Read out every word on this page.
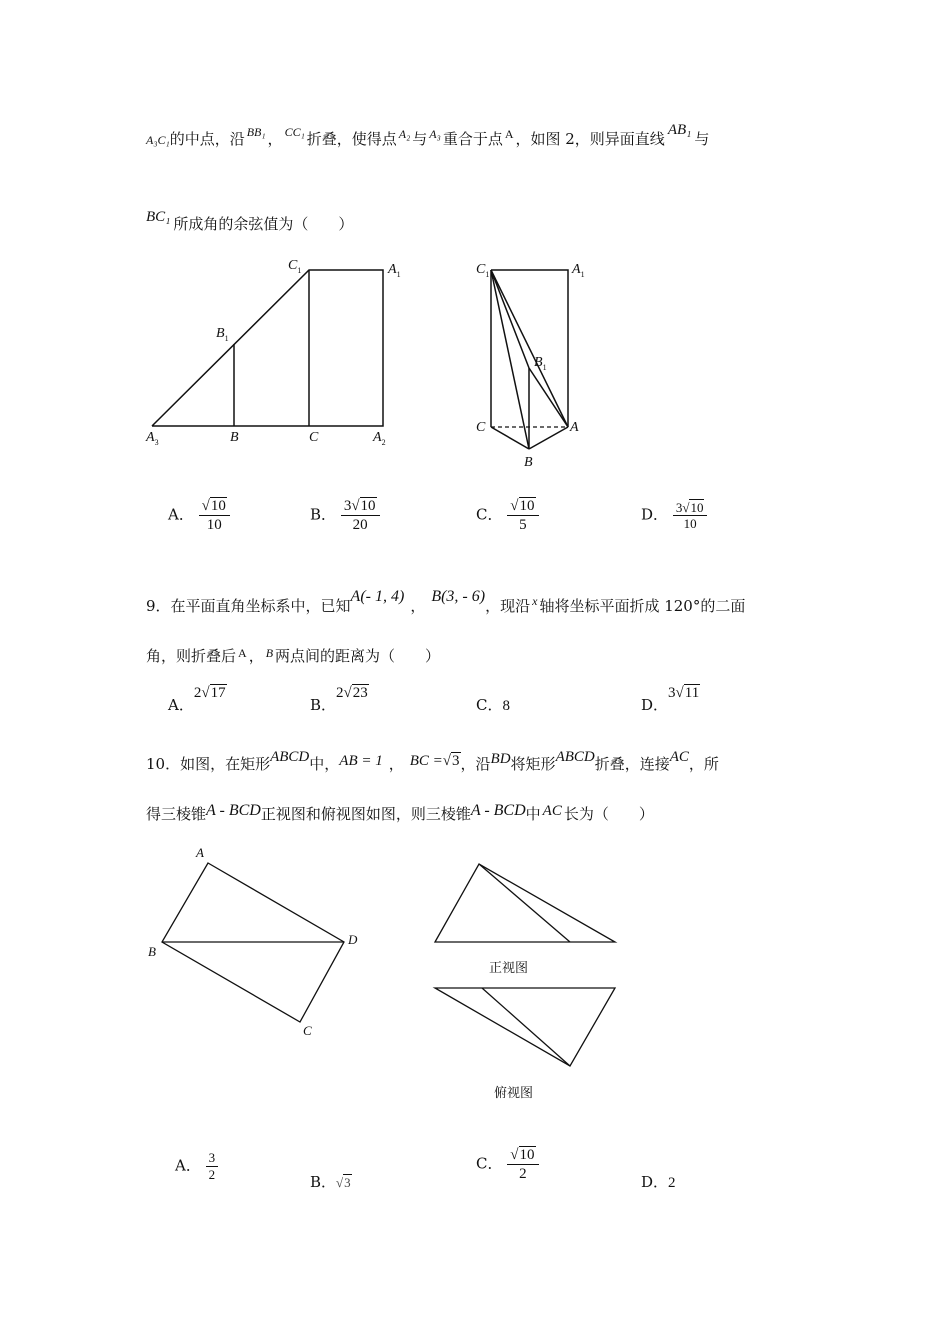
A₃C₁的中点，沿 $^{BB_1}$ ， $^{CC_1}$ 折叠，使得点 $^{A_2}$ 与 $^{A_3}$ 重合于点 $^A$ ，如图 2，则异面直线 AB₁ 与
BC₁ 所成角的余弦值为（　　）
$C_1$	$A_1$
$B_1$
$A_3$	B	C	$A_2$
$C_1$	$A_1$
$B_1$
C	A
B
A． $\frac{√10}{10}$	B． $\frac{3√10}{20}$	C． $\frac{√10}{5}$	D． $\frac{3√10}{10}$
9．在平面直角坐标系中，已知A(- 1, 4)，B(3, - 6)，现沿 $^x$ 轴将坐标平面折成 120°的二面
角，则折叠后 $^A$ ， $^B$ 两点间的距离为（　　）
A．2√17
B．2√23
C．8	D．3√11
10．如图，在矩形ABCD中，AB = 1 ， BC =√3，沿BD将矩形ABCD折叠，连接AC，所
得三棱锥A - BCD正视图和俯视图如图，则三棱锥A - BCD中 AC 长为（　　）
A
B
D
C
正视图
俯视图
A． $\frac{3}{2}$	B．√3
C． $\frac{√10}{2}$	D．2
